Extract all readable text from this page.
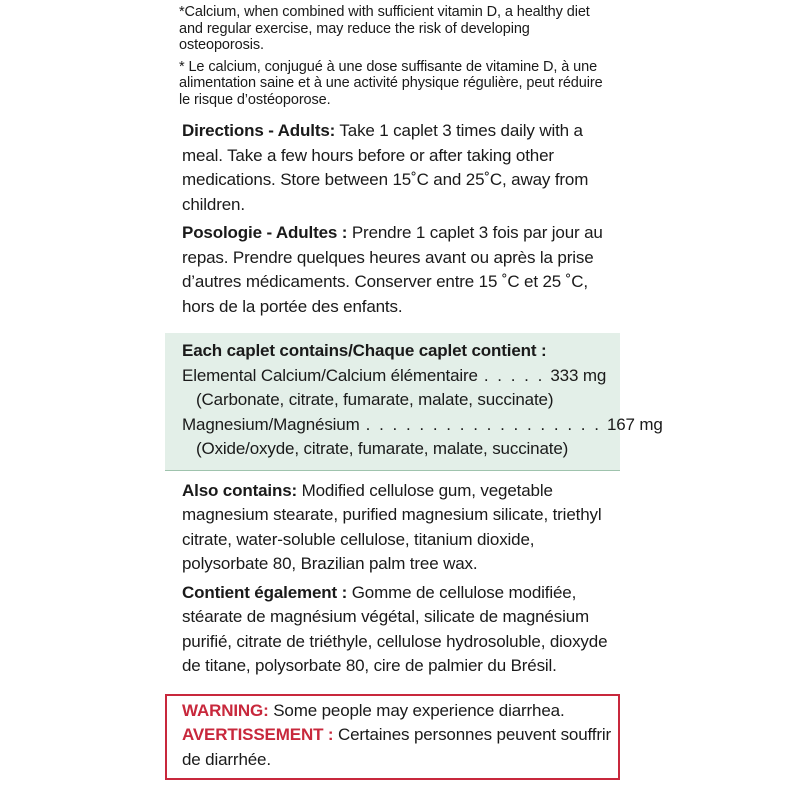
*Calcium, when combined with sufficient vitamin D, a healthy diet and regular exercise, may reduce the risk of developing osteoporosis.
* Le calcium, conjugué à une dose suffisante de vitamine D, à une alimentation saine et à une activité physique régulière, peut réduire le risque d’ostéoporose.
Directions - Adults: Take 1 caplet 3 times daily with a meal. Take a few hours before or after taking other medications. Store between 15˚C and 25˚C, away from children.
Posologie - Adultes : Prendre 1 caplet 3 fois par jour au repas. Prendre quelques heures avant ou après la prise d’autres médicaments. Conserver entre 15 ˚C et 25 ˚C, hors de la portée des enfants.
Each caplet contains/Chaque caplet contient :
Elemental Calcium/Calcium élémentaire . . . . . 333 mg
(Carbonate, citrate, fumarate, malate, succinate)
Magnesium/Magnésium . . . . . . . . . . . . . . . . . . 167 mg
(Oxide/oxyde, citrate, fumarate, malate, succinate)
Also contains: Modified cellulose gum, vegetable magnesium stearate, purified magnesium silicate, triethyl citrate, water-soluble cellulose, titanium dioxide, polysorbate 80, Brazilian palm tree wax.
Contient également : Gomme de cellulose modifiée, stéarate de magnésium végétal, silicate de magnésium purifié, citrate de triéthyle, cellulose hydrosoluble, dioxyde de titane, polysorbate 80, cire de palmier du Brésil.
WARNING: Some people may experience diarrhea.
AVERTISSEMENT : Certaines personnes peuvent souffrir de diarrhée.
